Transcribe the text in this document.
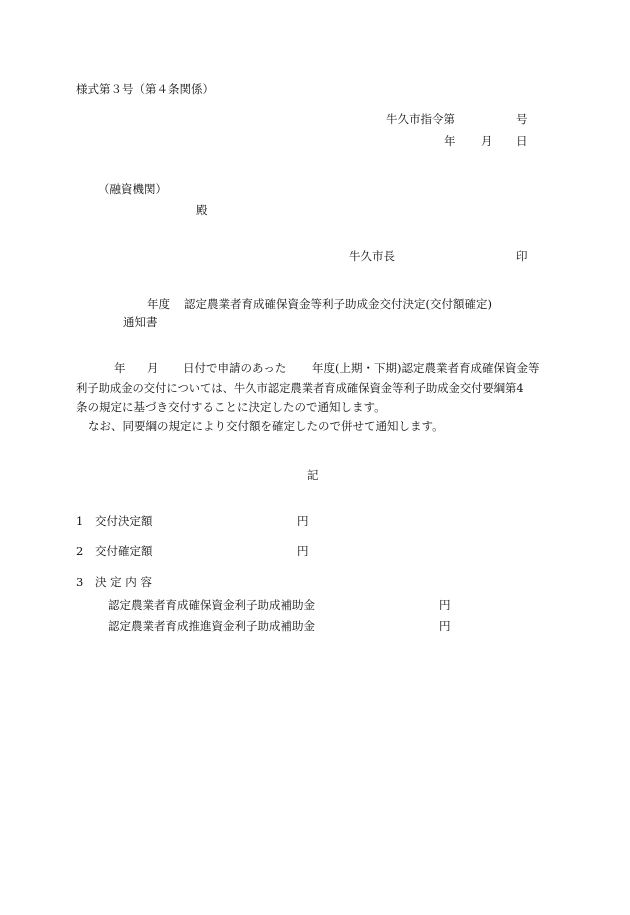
様式第３号（第４条関係）
牛久市指令第	号
年 月 日
（融資機関）
殿
牛久市長	印
年度 認定農業者育成確保資金等利子助成金交付決定(交付額確定)
通知書
年 月 日付で申請のあった 年度(上期・下期)認定農業者育成確保資金等
利子助成金の交付については、牛久市認定農業者育成確保資金等利子助成金交付要綱第4
条の規定に基づき交付することに決定したので通知します。
なお、同要綱の規定により交付額を確定したので併せて通知します。
記
1 交付決定額	円
2 交付確定額	円
3 決 定 内 容
認定農業者育成確保資金利子助成補助金	円
認定農業者育成推進資金利子助成補助金	円
